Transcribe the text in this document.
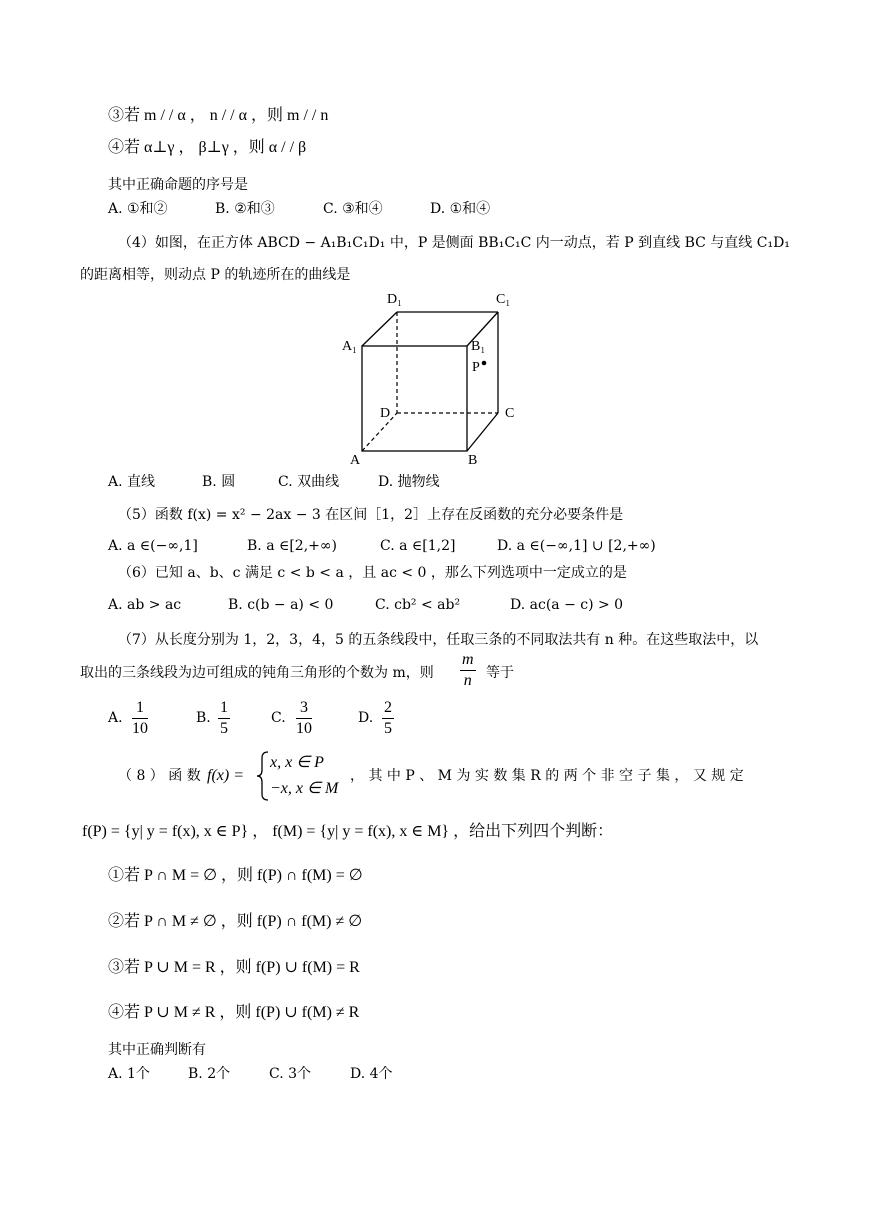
③若 m / / α ， n / / α ，则 m / / n
④若 α⊥γ ， β⊥γ ，则 α / / β
其中正确命题的序号是
A. ①和②	B. ②和③	C. ③和④	D. ①和④
（4）如图，在正方体 ABCD − A₁B₁C₁D₁ 中，P 是侧面 BB₁C₁C 内一动点，若 P 到直线 BC 与直线 C₁D₁
的距离相等，则动点 P 的轨迹所在的曲线是
D₁	C₁
A₁	B₁
P
D	C
A	B
A. 直线	B. 圆	C. 双曲线	D. 抛物线
（5）函数 f(x) = x² − 2ax − 3 在区间［1，2］上存在反函数的充分必要条件是
A. a ∈(−∞,1]	B. a ∈[2,+∞)	C. a ∈[1,2]	D. a ∈(−∞,1] ∪ [2,+∞)
（6）已知 a、b、c 满足 c < b < a ，且 ac < 0 ，那么下列选项中一定成立的是
A. ab > ac	B. c(b − a) < 0	C. cb² < ab²	D. ac(a − c) > 0
（7）从长度分别为 1，2，3，4，5 的五条线段中，任取三条的不同取法共有 n 种。在这些取法中，以
取出的三条线段为边可组成的钝角三角形的个数为 m，则 $\frac{m}{n}$ 等于
A. $\frac{1}{10}$	B. $\frac{1}{5}$	C. $\frac{3}{10}$	D. $\frac{2}{5}$
（ 8 ） 函 数 f(x) =
x, x ∈ P
−x, x ∈ M
， 其 中 P 、 M 为 实 数 集 R 的 两 个 非 空 子 集 ， 又 规 定
f(P) = {y| y = f(x), x ∈ P} ， f(M) = {y| y = f(x), x ∈ M} ，给出下列四个判断：
①若 P ∩ M = ∅ ，则 f(P) ∩ f(M) = ∅
②若 P ∩ M ≠ ∅ ，则 f(P) ∩ f(M) ≠ ∅
③若 P ∪ M = R ，则 f(P) ∪ f(M) = R
④若 P ∪ M ≠ R ，则 f(P) ∪ f(M) ≠ R
其中正确判断有
A. 1个	B. 2个	C. 3个	D. 4个
